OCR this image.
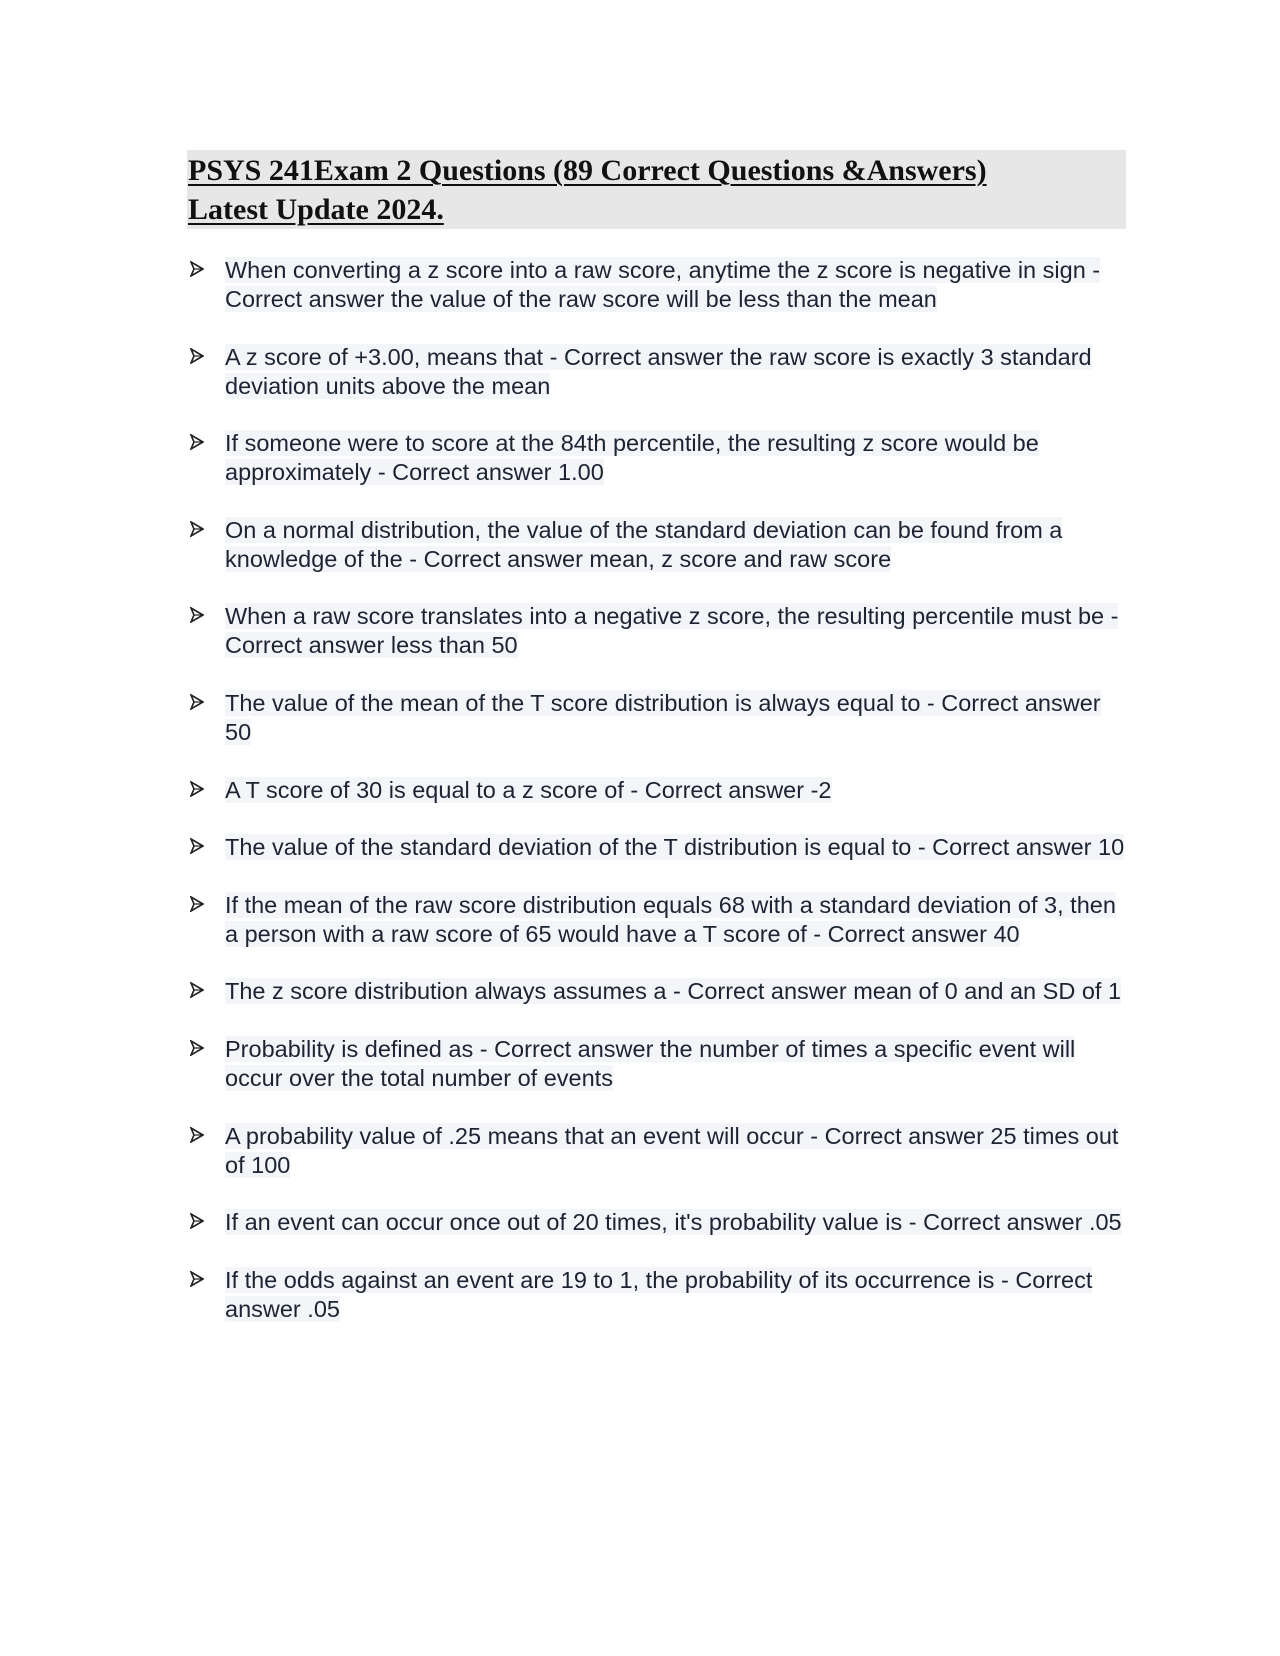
PSYS 241Exam 2 Questions (89 Correct Questions &Answers)
Latest Update 2024.
When converting a z score into a raw score, anytime the z score is negative in sign - Correct answer the value of the raw score will be less than the mean
A z score of +3.00, means that - Correct answer the raw score is exactly 3 standard deviation units above the mean
If someone were to score at the 84th percentile, the resulting z score would be approximately - Correct answer 1.00
On a normal distribution, the value of the standard deviation can be found from a knowledge of the - Correct answer mean, z score and raw score
When a raw score translates into a negative z score, the resulting percentile must be - Correct answer less than 50
The value of the mean of the T score distribution is always equal to - Correct answer 50
A T score of 30 is equal to a z score of - Correct answer -2
The value of the standard deviation of the T distribution is equal to - Correct answer 10
If the mean of the raw score distribution equals 68 with a standard deviation of 3, then a person with a raw score of 65 would have a T score of - Correct answer 40
The z score distribution always assumes a - Correct answer mean of 0 and an SD of 1
Probability is defined as - Correct answer the number of times a specific event will occur over the total number of events
A probability value of .25 means that an event will occur - Correct answer 25 times out of 100
If an event can occur once out of 20 times, it's probability value is - Correct answer .05
If the odds against an event are 19 to 1, the probability of its occurrence is - Correct answer .05
